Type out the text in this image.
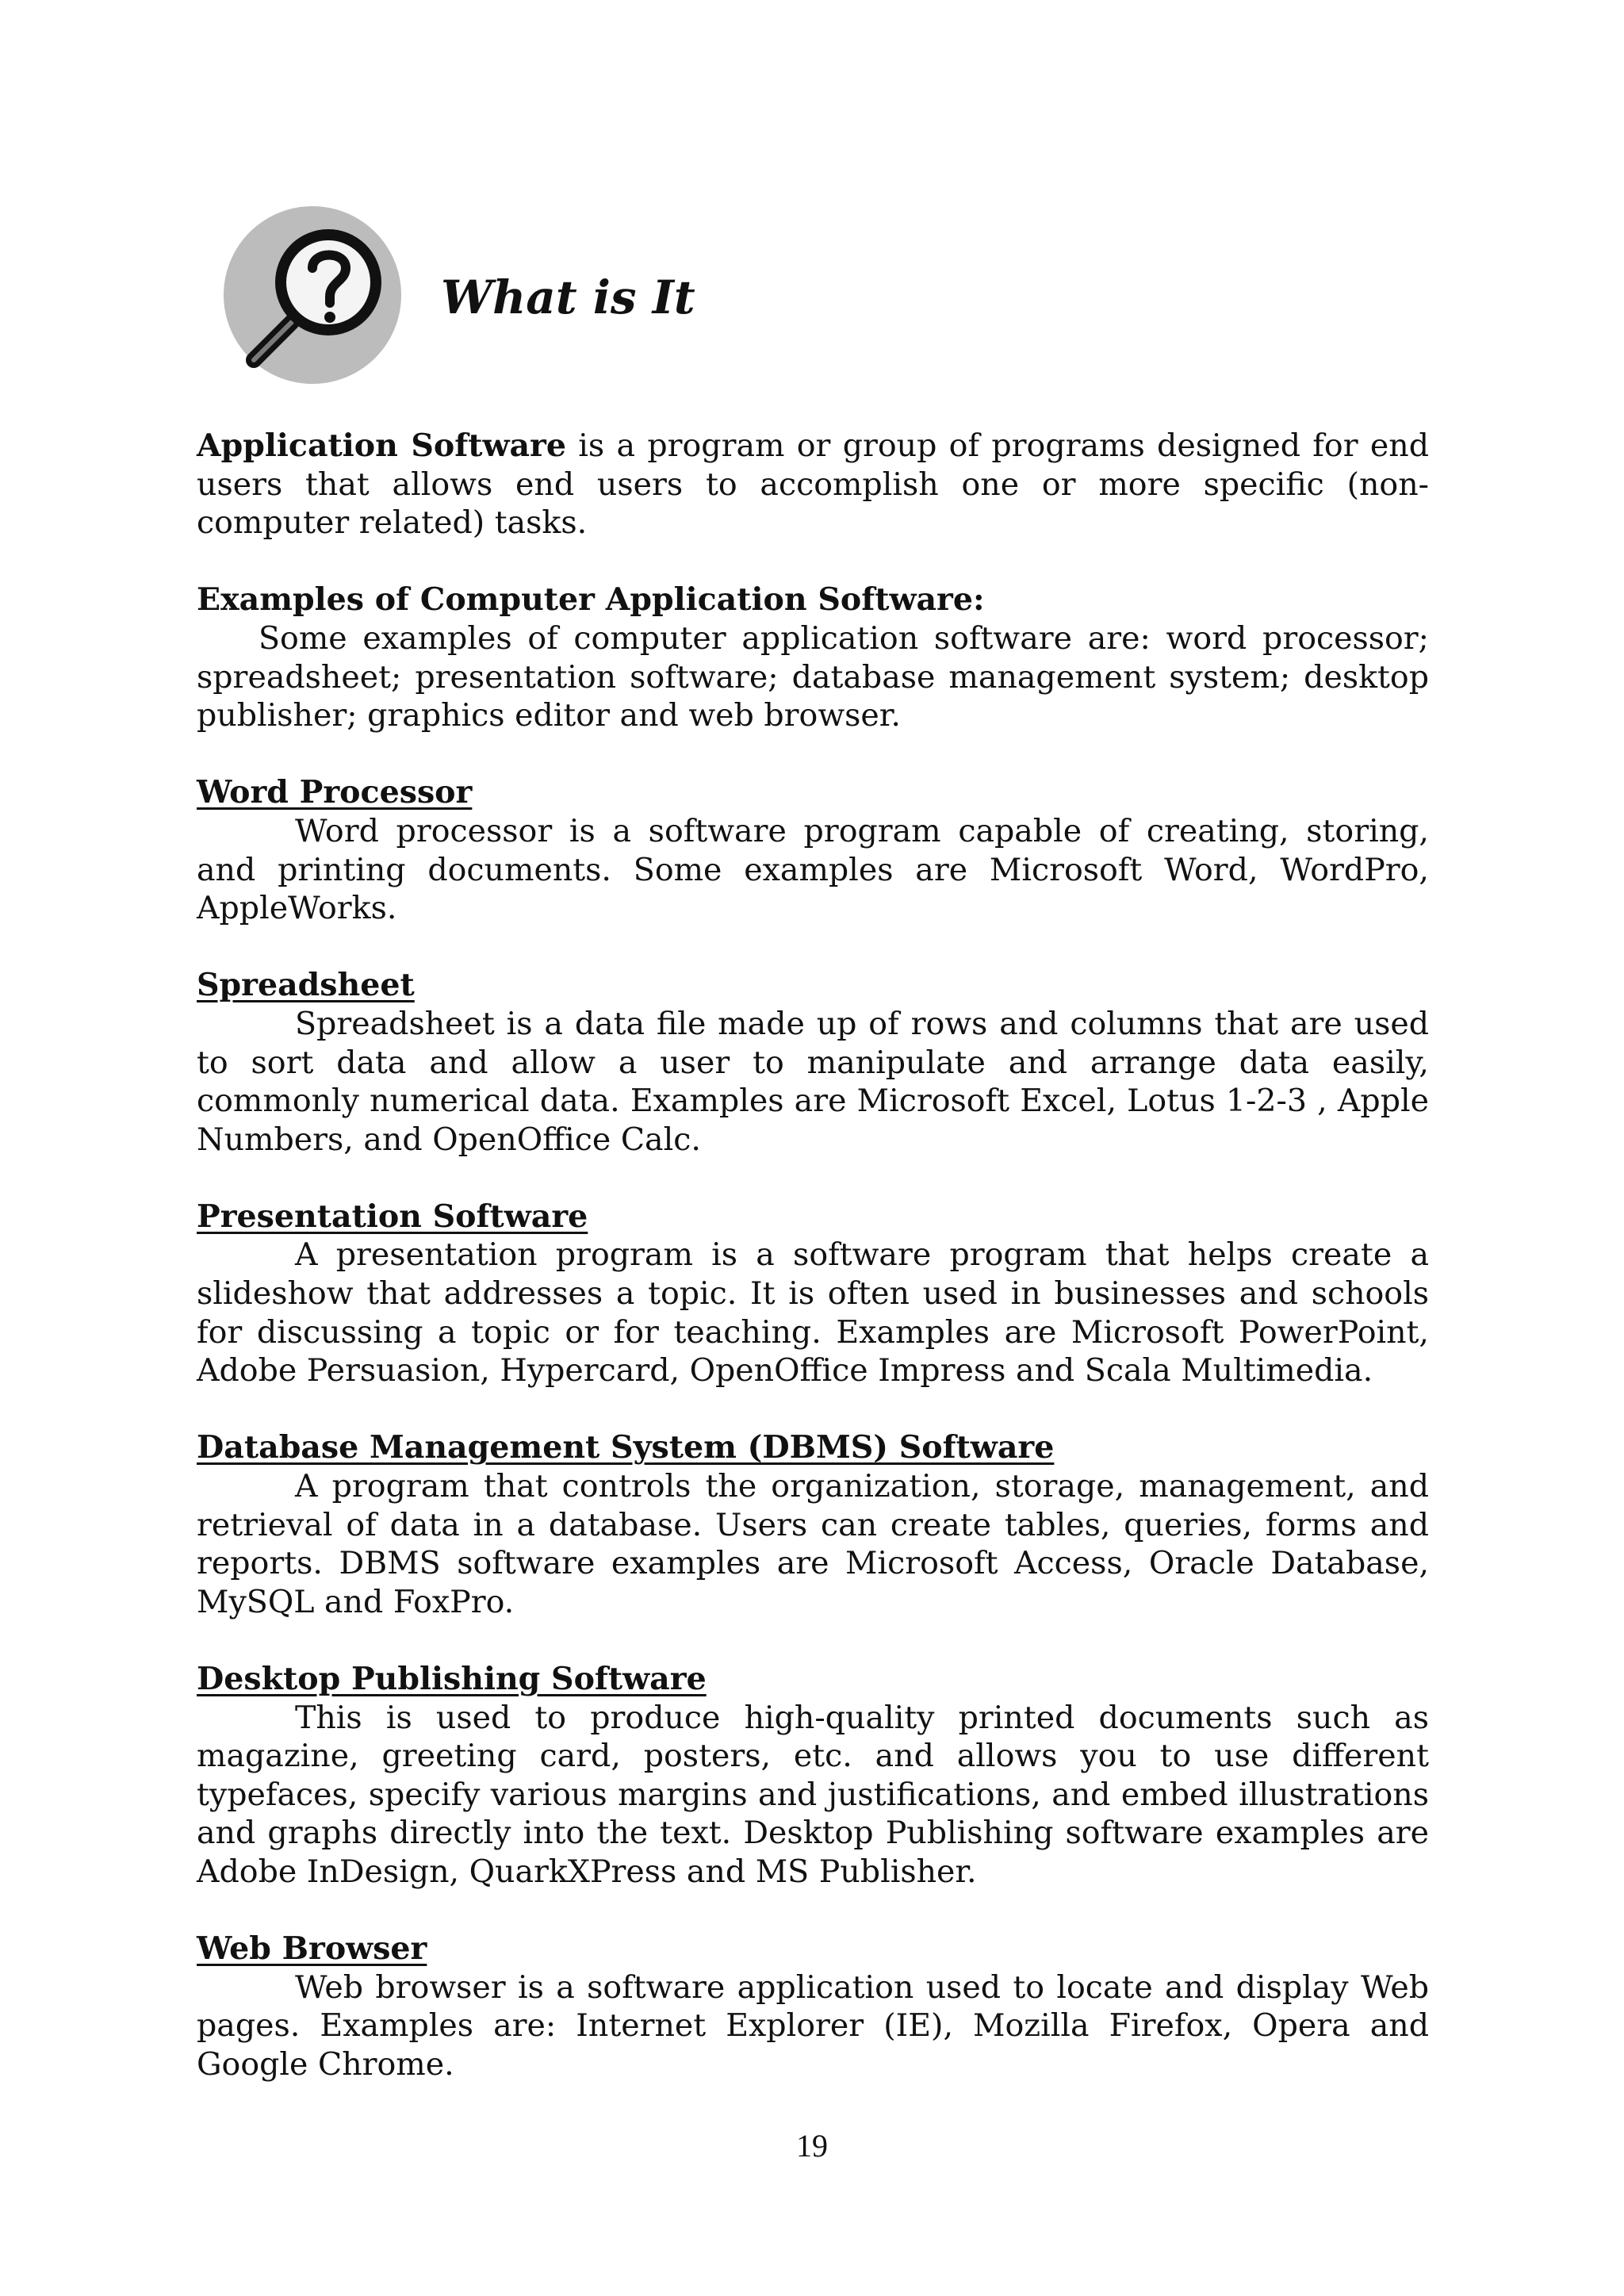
What is It

Application Software is a program or group of programs designed for end users that allows end users to accomplish one or more specific (non-computer related) tasks.

Examples of Computer Application Software:

Some examples of computer application software are: word processor; spreadsheet; presentation software; database management system; desktop publisher; graphics editor and web browser.

Word Processor

Word processor is a software program capable of creating, storing, and printing documents. Some examples are Microsoft Word, WordPro, AppleWorks.

Spreadsheet

Spreadsheet is a data file made up of rows and columns that are used to sort data and allow a user to manipulate and arrange data easily, commonly numerical data. Examples are Microsoft Excel, Lotus 1-2-3 , Apple Numbers, and OpenOffice Calc.

Presentation Software

A presentation program is a software program that helps create a slideshow that addresses a topic. It is often used in businesses and schools for discussing a topic or for teaching. Examples are Microsoft PowerPoint, Adobe Persuasion, Hypercard, OpenOffice Impress and Scala Multimedia.

Database Management System (DBMS) Software

A program that controls the organization, storage, management, and retrieval of data in a database. Users can create tables, queries, forms and reports. DBMS software examples are Microsoft Access, Oracle Database, MySQL and FoxPro.

Desktop Publishing Software

This is used to produce high-quality printed documents such as magazine, greeting card, posters, etc. and allows you to use different typefaces, specify various margins and justifications, and embed illustrations and graphs directly into the text. Desktop Publishing software examples are Adobe InDesign, QuarkXPress and MS Publisher.

Web Browser

Web browser is a software application used to locate and display Web pages. Examples are: Internet Explorer (IE), Mozilla Firefox, Opera and Google Chrome.

19
